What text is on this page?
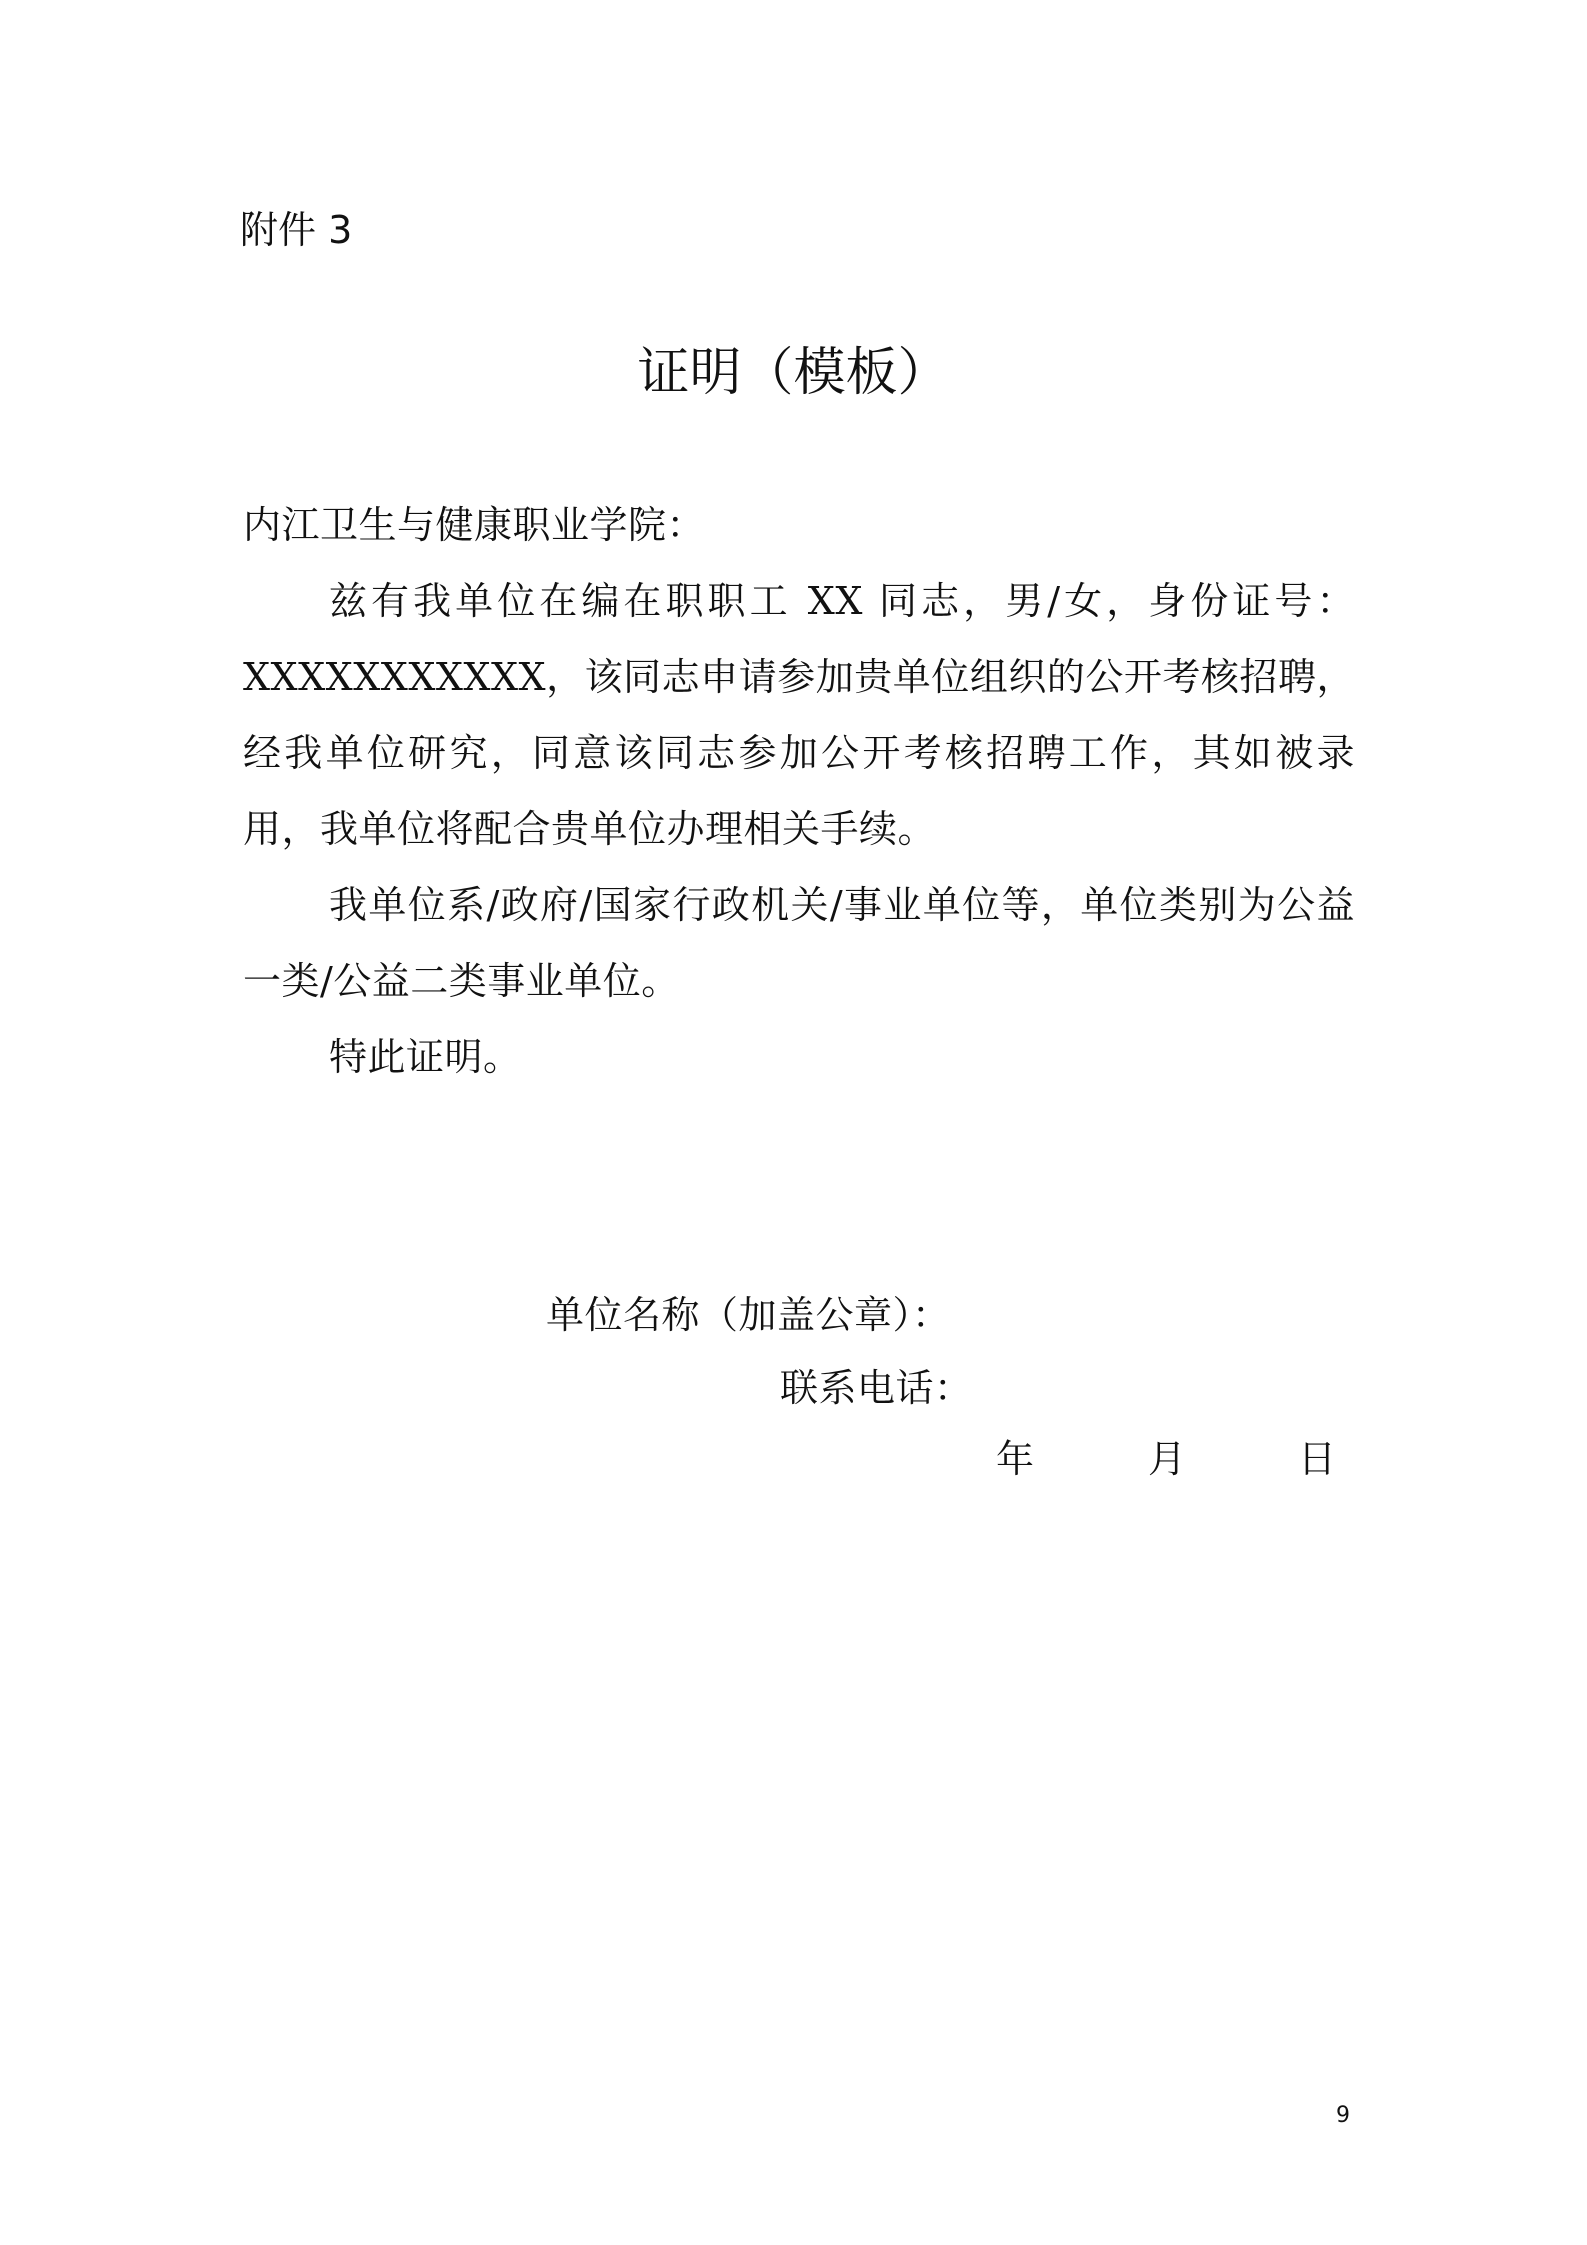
附件 3
证明（模板）

内江卫生与健康职业学院：

兹有我单位在编在职职工 XX 同志，男/女，身份证号：XXXXXXXXXXX，该同志申请参加贵单位组织的公开考核招聘，经我单位研究，同意该同志参加公开考核招聘工作，其如被录用，我单位将配合贵单位办理相关手续。

我单位系/政府/国家行政机关/事业单位等，单位类别为公益一类/公益二类事业单位。

特此证明。

单位名称（加盖公章）：
联系电话：
年	月	日
9
